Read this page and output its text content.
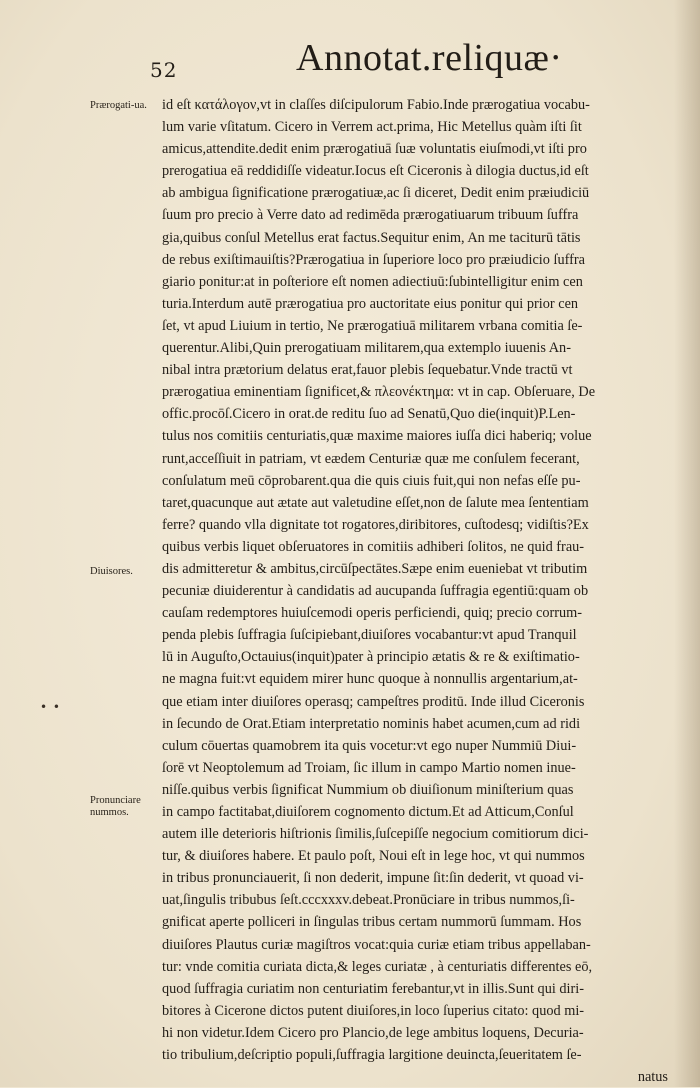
52	Annotat.reliquæ·
Prærogati-ua.
Diuisores.
Pronunciare nummos.
• •
id eſt κατάλογον,vt in claſſes diſcipulorum Fabio.Inde prærogatiua vocabu-
lum varie vſitatum. Cicero in Verrem act.prima, Hic Metellus quàm iſti ſit
amicus,attendite.dedit enim prærogatiuā ſuæ voluntatis eiuſmodi,vt iſti pro
prerogatiua eā reddidiſſe videatur.Iocus eſt Ciceronis à dilogia ductus,id eſt
ab ambigua ſignificatione prærogatiuæ,ac ſi diceret, Dedit enim præiudiciū
ſuum pro precio à Verre dato ad redimēda prærogatiuarum tribuum ſuffra
gia,quibus conſul Metellus erat factus.Sequitur enim, An me taciturū tātis
de rebus exiſtimauiſtis?Prærogatiua in ſuperiore loco pro præiudicio ſuffra
giario ponitur:at in poſteriore eſt nomen adiectiuū:ſubintelligitur enim cen
turia.Interdum autē prærogatiua pro auctoritate eius ponitur qui prior cen
ſet, vt apud Liuium in tertio, Ne prærogatiuā militarem vrbana comitia ſe-
querentur.Alibi,Quin prerogatiuam militarem,qua extemplo iuuenis An-
nibal intra prætorium delatus erat,fauor plebis ſequebatur.Vnde tractū vt
prærogatiua eminentiam ſignificet,& πλεονέκτημα: vt in cap. Obſeruare, De
offic.procōſ.Cicero in orat.de reditu ſuo ad Senatū,Quo die(inquit)P.Len-
tulus nos comitiis centuriatis,quæ maxime maiores iuſſa dici haberiq; volue
runt,acceſſiuit in patriam, vt eædem Centuriæ quæ me conſulem fecerant,
conſulatum meū cōprobarent.qua die quis ciuis fuit,qui non nefas eſſe pu-
taret,quacunque aut ætate aut valetudine eſſet,non de ſalute mea ſententiam
ferre? quando vlla dignitate tot rogatores,diribitores, cuſtodesq; vidiſtis?Ex
quibus verbis liquet obſeruatores in comitiis adhiberi ſolitos, ne quid frau-
dis admitteretur & ambitus,circūſpectātes.Sæpe enim eueniebat vt tributim
pecuniæ diuiderentur à candidatis ad aucupanda ſuffragia egentiū:quam ob
cauſam redemptores huiuſcemodi operis perficiendi, quiq; precio corrum-
penda plebis ſuffragia ſuſcipiebant,diuiſores vocabantur:vt apud Tranquil
lū in Auguſto,Octauius(inquit)pater à principio ætatis & re & exiſtimatio-
ne magna fuit:vt equidem mirer hunc quoque à nonnullis argentarium,at-
que etiam inter diuiſores operasq; campeſtres proditū. Inde illud Ciceronis
in ſecundo de Orat.Etiam interpretatio nominis habet acumen,cum ad ridi
culum cōuertas quamobrem ita quis vocetur:vt ego nuper Nummiū Diui-
ſorē vt Neoptolemum ad Troiam, ſic illum in campo Martio nomen inue-
niſſe.quibus verbis ſignificat Nummium ob diuiſionum miniſterium quas
in campo factitabat,diuiſorem cognomento dictum.Et ad Atticum,Conſul
autem ille deterioris hiſtrionis ſimilis,ſuſcepiſſe negocium comitiorum dici-
tur, & diuiſores habere. Et paulo poſt, Noui eſt in lege hoc, vt qui nummos
in tribus pronunciauerit, ſi non dederit, impune ſit:ſin dederit, vt quoad vi-
uat,ſingulis tribubus ſeſt.cccxxxv.debeat.Pronūciare in tribus nummos,ſi-
gnificat aperte polliceri in ſingulas tribus certam nummorū ſummam. Hos
diuiſores Plautus curiæ magiſtros vocat:quia curiæ etiam tribus appellaban-
tur: vnde comitia curiata dicta,& leges curiatæ , à centuriatis differentes eō,
quod ſuffragia curiatim non centuriatim ferebantur,vt in illis.Sunt qui diri-
bitores à Cicerone dictos putent diuiſores,in loco ſuperius citato: quod mi-
hi non videtur.Idem Cicero pro Plancio,de lege ambitus loquens, Decuria-
tio tribulium,deſcriptio populi,ſuffragia largitione deuincta,ſeueritatem ſe-
natus
